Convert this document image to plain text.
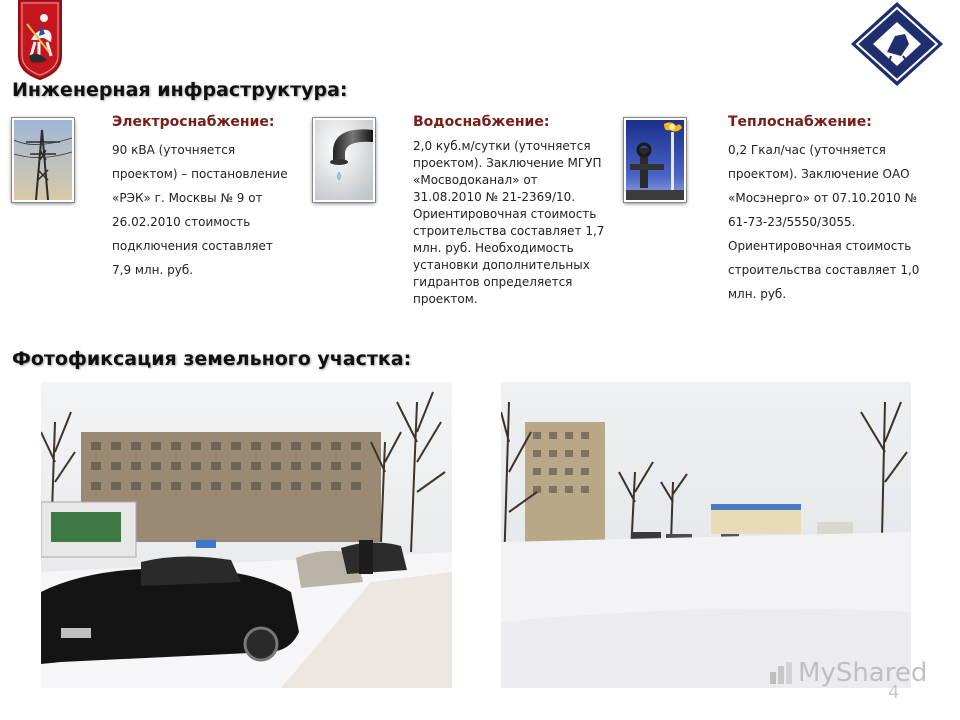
Инженерная инфраструктура:
Электроснабжение:
90 кВА (уточняется
проектом) – постановление
«РЭК» г. Москвы № 9 от
26.02.2010 стоимость
подключения составляет
7,9 млн. руб.
Водоснабжение:
2,0 куб.м/сутки (уточняется
проектом). Заключение МГУП
«Мосводоканал» от
31.08.2010 № 21-2369/10.
Ориентировочная стоимость
строительства составляет 1,7
млн. руб. Необходимость
установки дополнительных
гидрантов определяется
проектом.
Теплоснабжение:
0,2 Гкал/час (уточняется
проектом). Заключение ОАО
«Мосэнерго» от 07.10.2010 №
61-73-23/5550/3055.
Ориентировочная стоимость
строительства составляет 1,0
млн. руб.
Фотофиксация земельного участка:
MyShared
4
